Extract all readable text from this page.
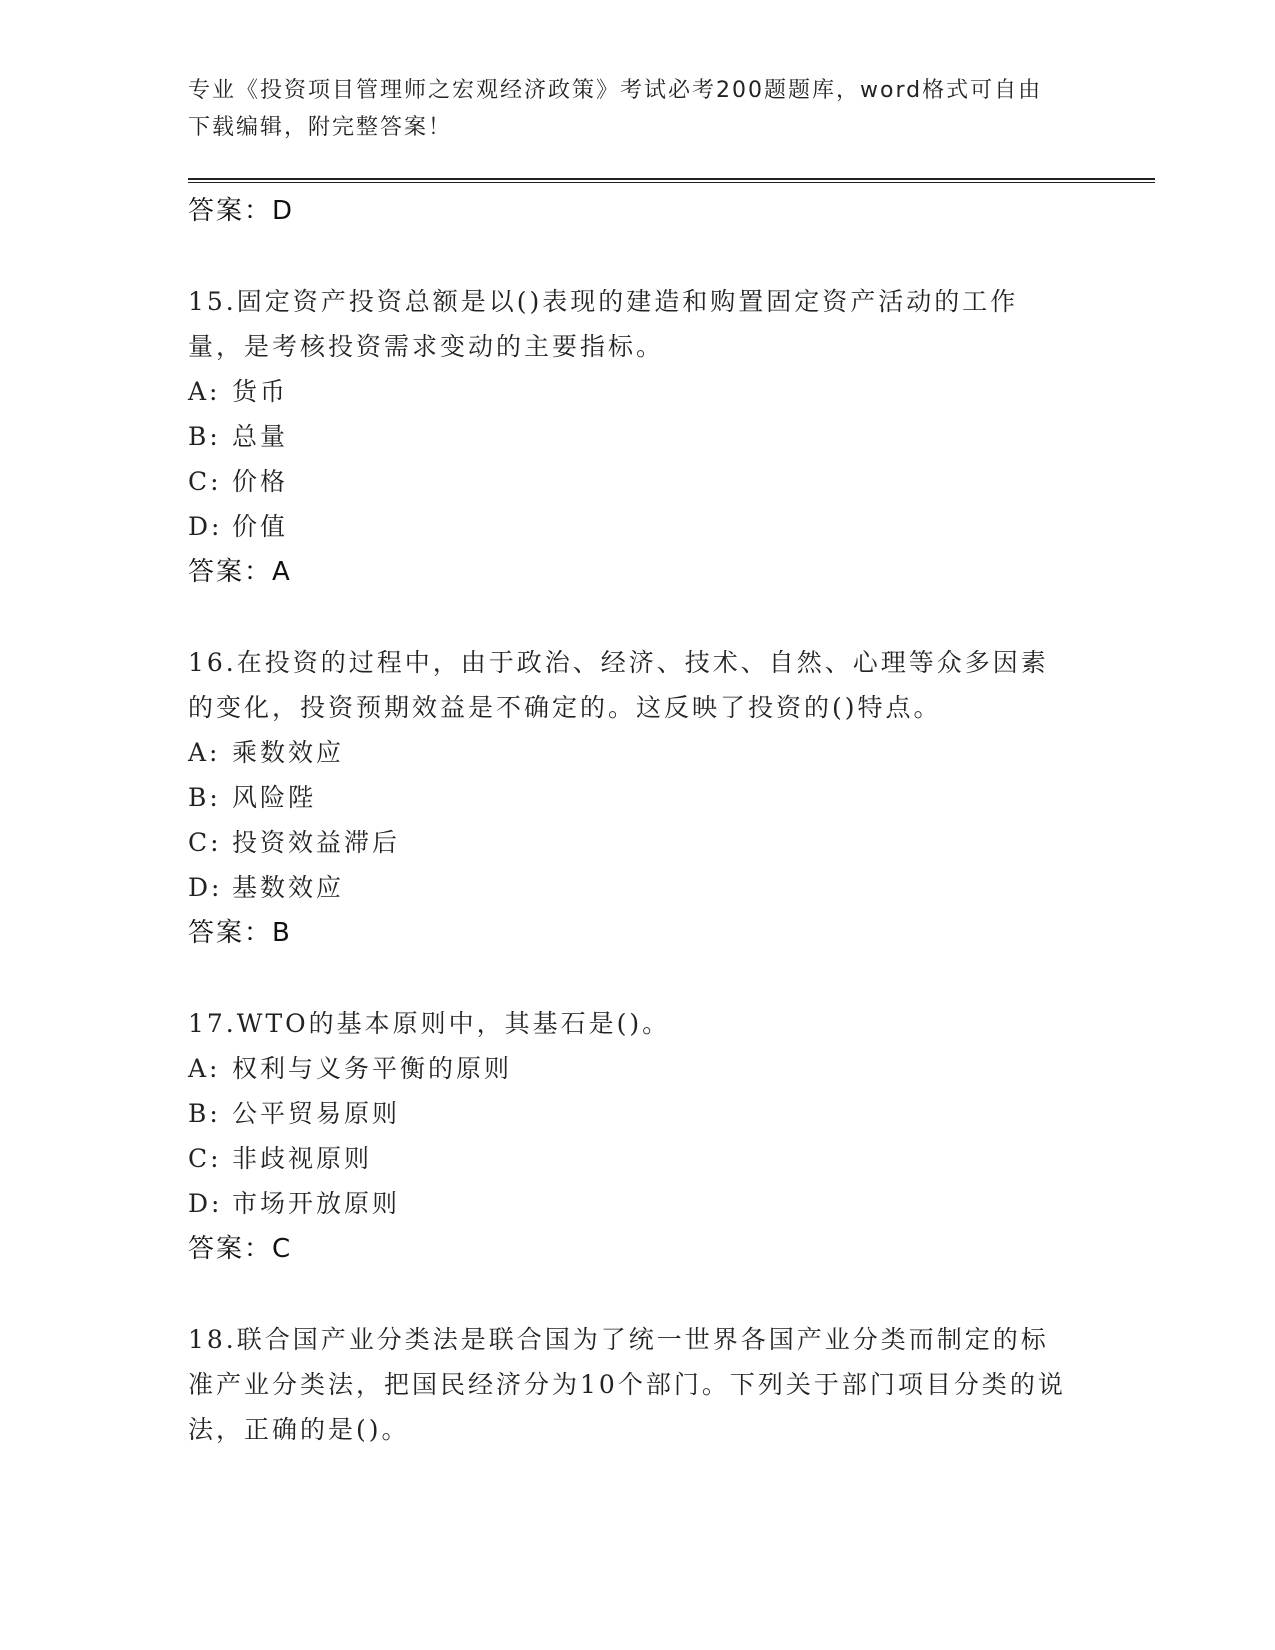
专业《投资项目管理师之宏观经济政策》考试必考200题题库，word格式可自由
下载编辑，附完整答案！
答案：D
15.固定资产投资总额是以()表现的建造和购置固定资产活动的工作量，是考核投资需求变动的主要指标。
A: 货币
B: 总量
C: 价格
D: 价值
答案：A
16.在投资的过程中，由于政治、经济、技术、自然、心理等众多因素的变化，投资预期效益是不确定的。这反映了投资的()特点。
A: 乘数效应
B: 风险陛
C: 投资效益滞后
D: 基数效应
答案：B
17.WTO的基本原则中，其基石是()。
A: 权利与义务平衡的原则
B: 公平贸易原则
C: 非歧视原则
D: 市场开放原则
答案：C
18.联合国产业分类法是联合国为了统一世界各国产业分类而制定的标准产业分类法，把国民经济分为10个部门。下列关于部门项目分类的说法，正确的是()。
